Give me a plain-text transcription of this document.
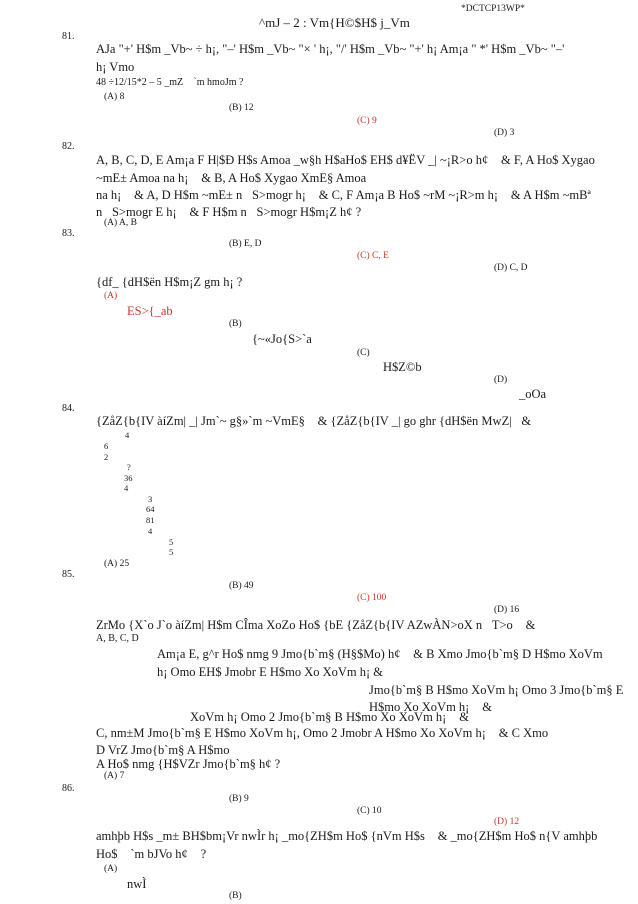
*DCTCP13WP*
^mJ – 2 : Vm{H©$H$ j_Vm
81.
AJa "+' H$m _Vb~ ÷ h¡, "–' H$m _Vb~ "× ' h¡, "/' H$m _Vb~ "+' h¡ Am¡a " *' H$m _Vb~ "–'
h¡ Vmo
48 ÷12/15*2 – 5 _mZ  `m hmoJm ?
(A) 8
(B) 12
(C) 9
(D) 3
82.
A, B, C, D, E Am¡a F H|$Ð H$s Amoa _w§h H$aHo$ EH$ d¥ËV _| ~¡R>o h¢  & F, A Ho$ Xygao
~mE± Amoa na h¡  & B, A Ho$ Xygao XmE§ Amoa
na h¡  & A, D H$m ~mE± n S>mogr h¡  & C, F Am¡a B Ho$ ~rM ~¡R>m h¡  & A H$m ~mBª
n S>mogr E h¡  & F H$m n S>mogr H$m¡Z h¢ ?
(A) A, B
(B) E, D
(C) C, E
(D) C, D
83.
{df_ {dH$ën H$m¡Z gm h¡ ?
(A)
ES>{_ab
(B)
{~«Jo{S>`a
(C)
H$Z©b
(D)
_oOa
84.
{ZåZ{b{IV àíZm| _| Jm`~ g§»`m ~VmE§  & {ZåZ{b{IV _| go ghr {dH$ën MwZ| &
4
6
2
?
36
4
3
64
81
4
5
5
(A) 25
(B) 49
(C) 100
(D) 16
85.
ZrMo {X`o J`o àíZm| H$m CÎma XoZo Ho$ {bE {ZåZ{b{IV AZwÀN>oX n T>o  &
A, B, C, D
Am¡a E, g^r Ho$ nmg 9 Jmo{b`m§ (H§$Mo) h¢  & B Xmo Jmo{b`m§ D H$mo XoVm
h¡ Omo EH$ Jmobr E H$mo Xo XoVm h¡ &
Jmo{b`m§ B H$mo XoVm h¡ Omo 3 Jmo{b`m§ E
H$mo Xo XoVm h¡  &
XoVm h¡ Omo 2 Jmo{b`m§ B H$mo Xo XoVm h¡  &
C, nm±M Jmo{b`m§ E H$mo XoVm h¡, Omo 2 Jmobr A H$mo Xo XoVm h¡  & C Xmo
D VrZ Jmo{b`m§ A H$mo
A Ho$ nmg {H$VZr Jmo{b`m§ h¢ ?
(A) 7
(B) 9
(C) 10
(D) 12
86.
amhþb H$s _m± BH$bm¡Vr nwÌr h¡ _mo{ZH$m Ho$ {nVm H$s  & _mo{ZH$m Ho$ n{V amhþb
Ho$  `m bJVo h¢  ?
(A)
nwÌ
(B)
